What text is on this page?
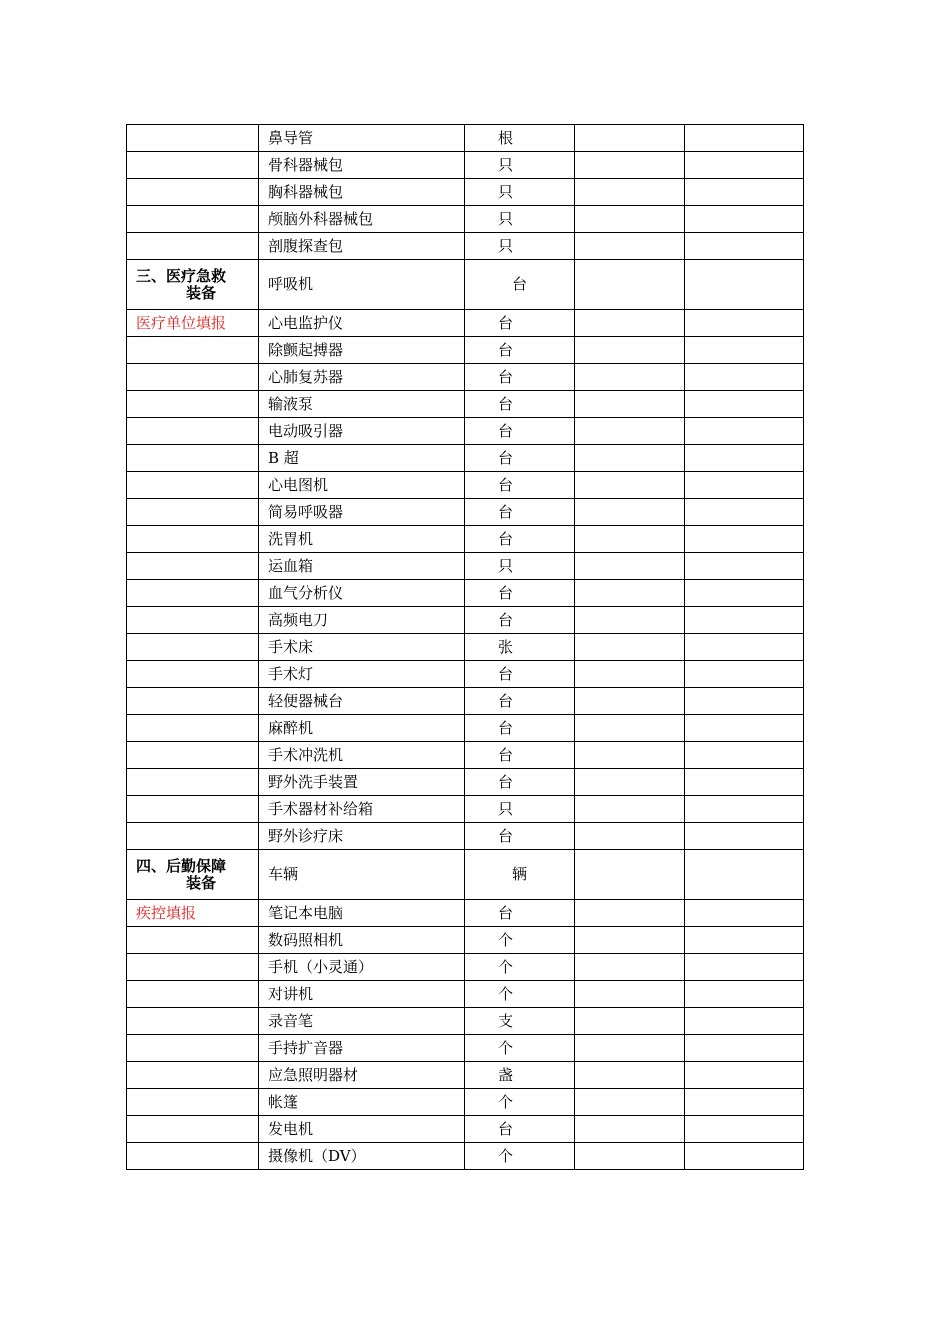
	鼻导管	根		
	骨科器械包	只		
	胸科器械包	只		
	颅脑外科器械包	只		
	剖腹探查包	只		
三、医疗急救
装备	呼吸机	台		
医疗单位填报	心电监护仪	台		
	除颤起搏器	台		
	心肺复苏器	台		
	输液泵	台		
	电动吸引器	台		
	B 超	台		
	心电图机	台		
	简易呼吸器	台		
	洗胃机	台		
	运血箱	只		
	血气分析仪	台		
	高频电刀	台		
	手术床	张		
	手术灯	台		
	轻便器械台	台		
	麻醉机	台		
	手术冲洗机	台		
	野外洗手装置	台		
	手术器材补给箱	只		
	野外诊疗床	台		
四、后勤保障
装备	车辆	辆		
疾控填报	笔记本电脑	台		
	数码照相机	个		
	手机（小灵通）	个		
	对讲机	个		
	录音笔	支		
	手持扩音器	个		
	应急照明器材	盏		
	帐篷	个		
	发电机	台		
	摄像机（DV）	个		
